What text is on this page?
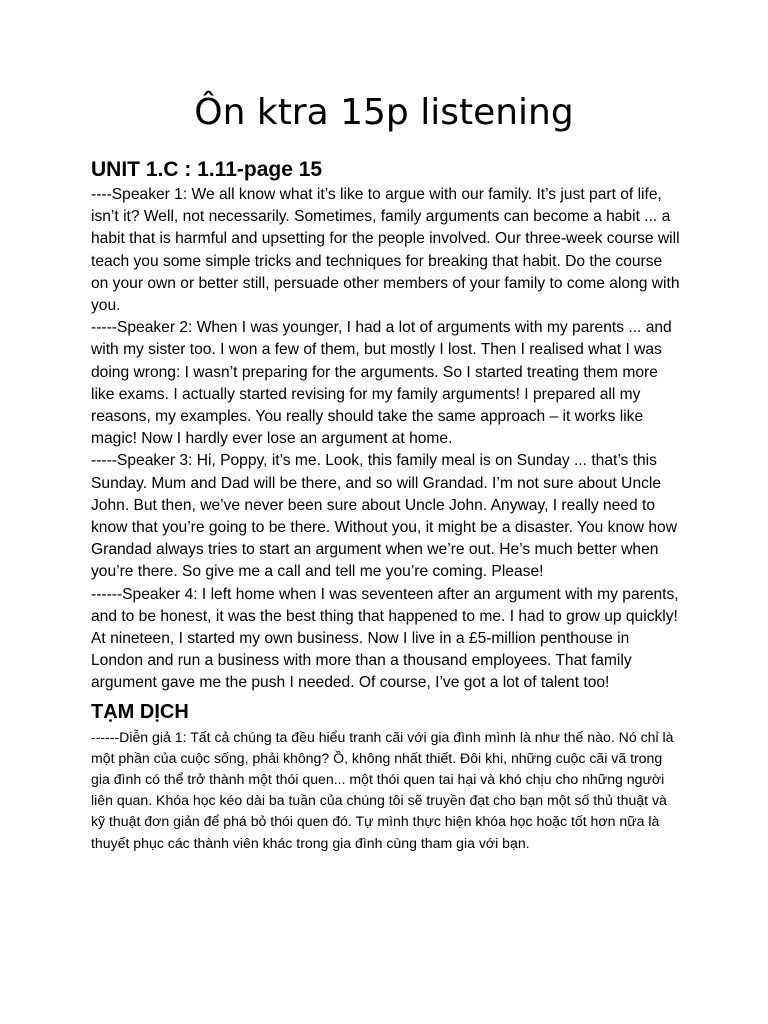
Ôn ktra 15p listening
UNIT 1.C : 1.11-page 15

----Speaker 1: We all know what it’s like to argue with our family. It’s just part of life, isn’t it? Well, not necessarily. Sometimes, family arguments can become a habit ... a habit that is harmful and upsetting for the people involved. Our three-week course will teach you some simple tricks and techniques for breaking that habit. Do the course on your own or better still, persuade other members of your family to come along with you.

-----Speaker 2: When I was younger, I had a lot of arguments with my parents ... and with my sister too. I won a few of them, but mostly I lost. Then I realised what I was doing wrong: I wasn’t preparing for the arguments. So I started treating them more like exams. I actually started revising for my family arguments! I prepared all my reasons, my examples. You really should take the same approach – it works like magic! Now I hardly ever lose an argument at home.

-----Speaker 3: Hi, Poppy, it’s me. Look, this family meal is on Sunday ... that’s this Sunday. Mum and Dad will be there, and so will Grandad. I’m not sure about Uncle John. But then, we’ve never been sure about Uncle John. Anyway, I really need to know that you’re going to be there. Without you, it might be a disaster. You know how Grandad always tries to start an argument when we’re out. He’s much better when you’re there. So give me a call and tell me you’re coming. Please!

------Speaker 4: I left home when I was seventeen after an argument with my parents, and to be honest, it was the best thing that happened to me. I had to grow up quickly! At nineteen, I started my own business. Now I live in a £5-million penthouse in London and run a business with more than a thousand employees. That family argument gave me the push I needed. Of course, I’ve got a lot of talent too!

TẠM DỊCH

------Diễn giả 1: Tất cả chúng ta đều hiểu tranh cãi với gia đình mình là như thế nào. Nó chỉ là một phần của cuộc sống, phải không? Ồ, không nhất thiết. Đôi khi, những cuộc cãi vã trong gia đình có thể trở thành một thói quen... một thói quen tai hại và khó chịu cho những người liên quan. Khóa học kéo dài ba tuần của chúng tôi sẽ truyền đạt cho bạn một số thủ thuật và kỹ thuật đơn giản để phá bỏ thói quen đó. Tự mình thực hiện khóa học hoặc tốt hơn nữa là thuyết phục các thành viên khác trong gia đình cùng tham gia với bạn.
